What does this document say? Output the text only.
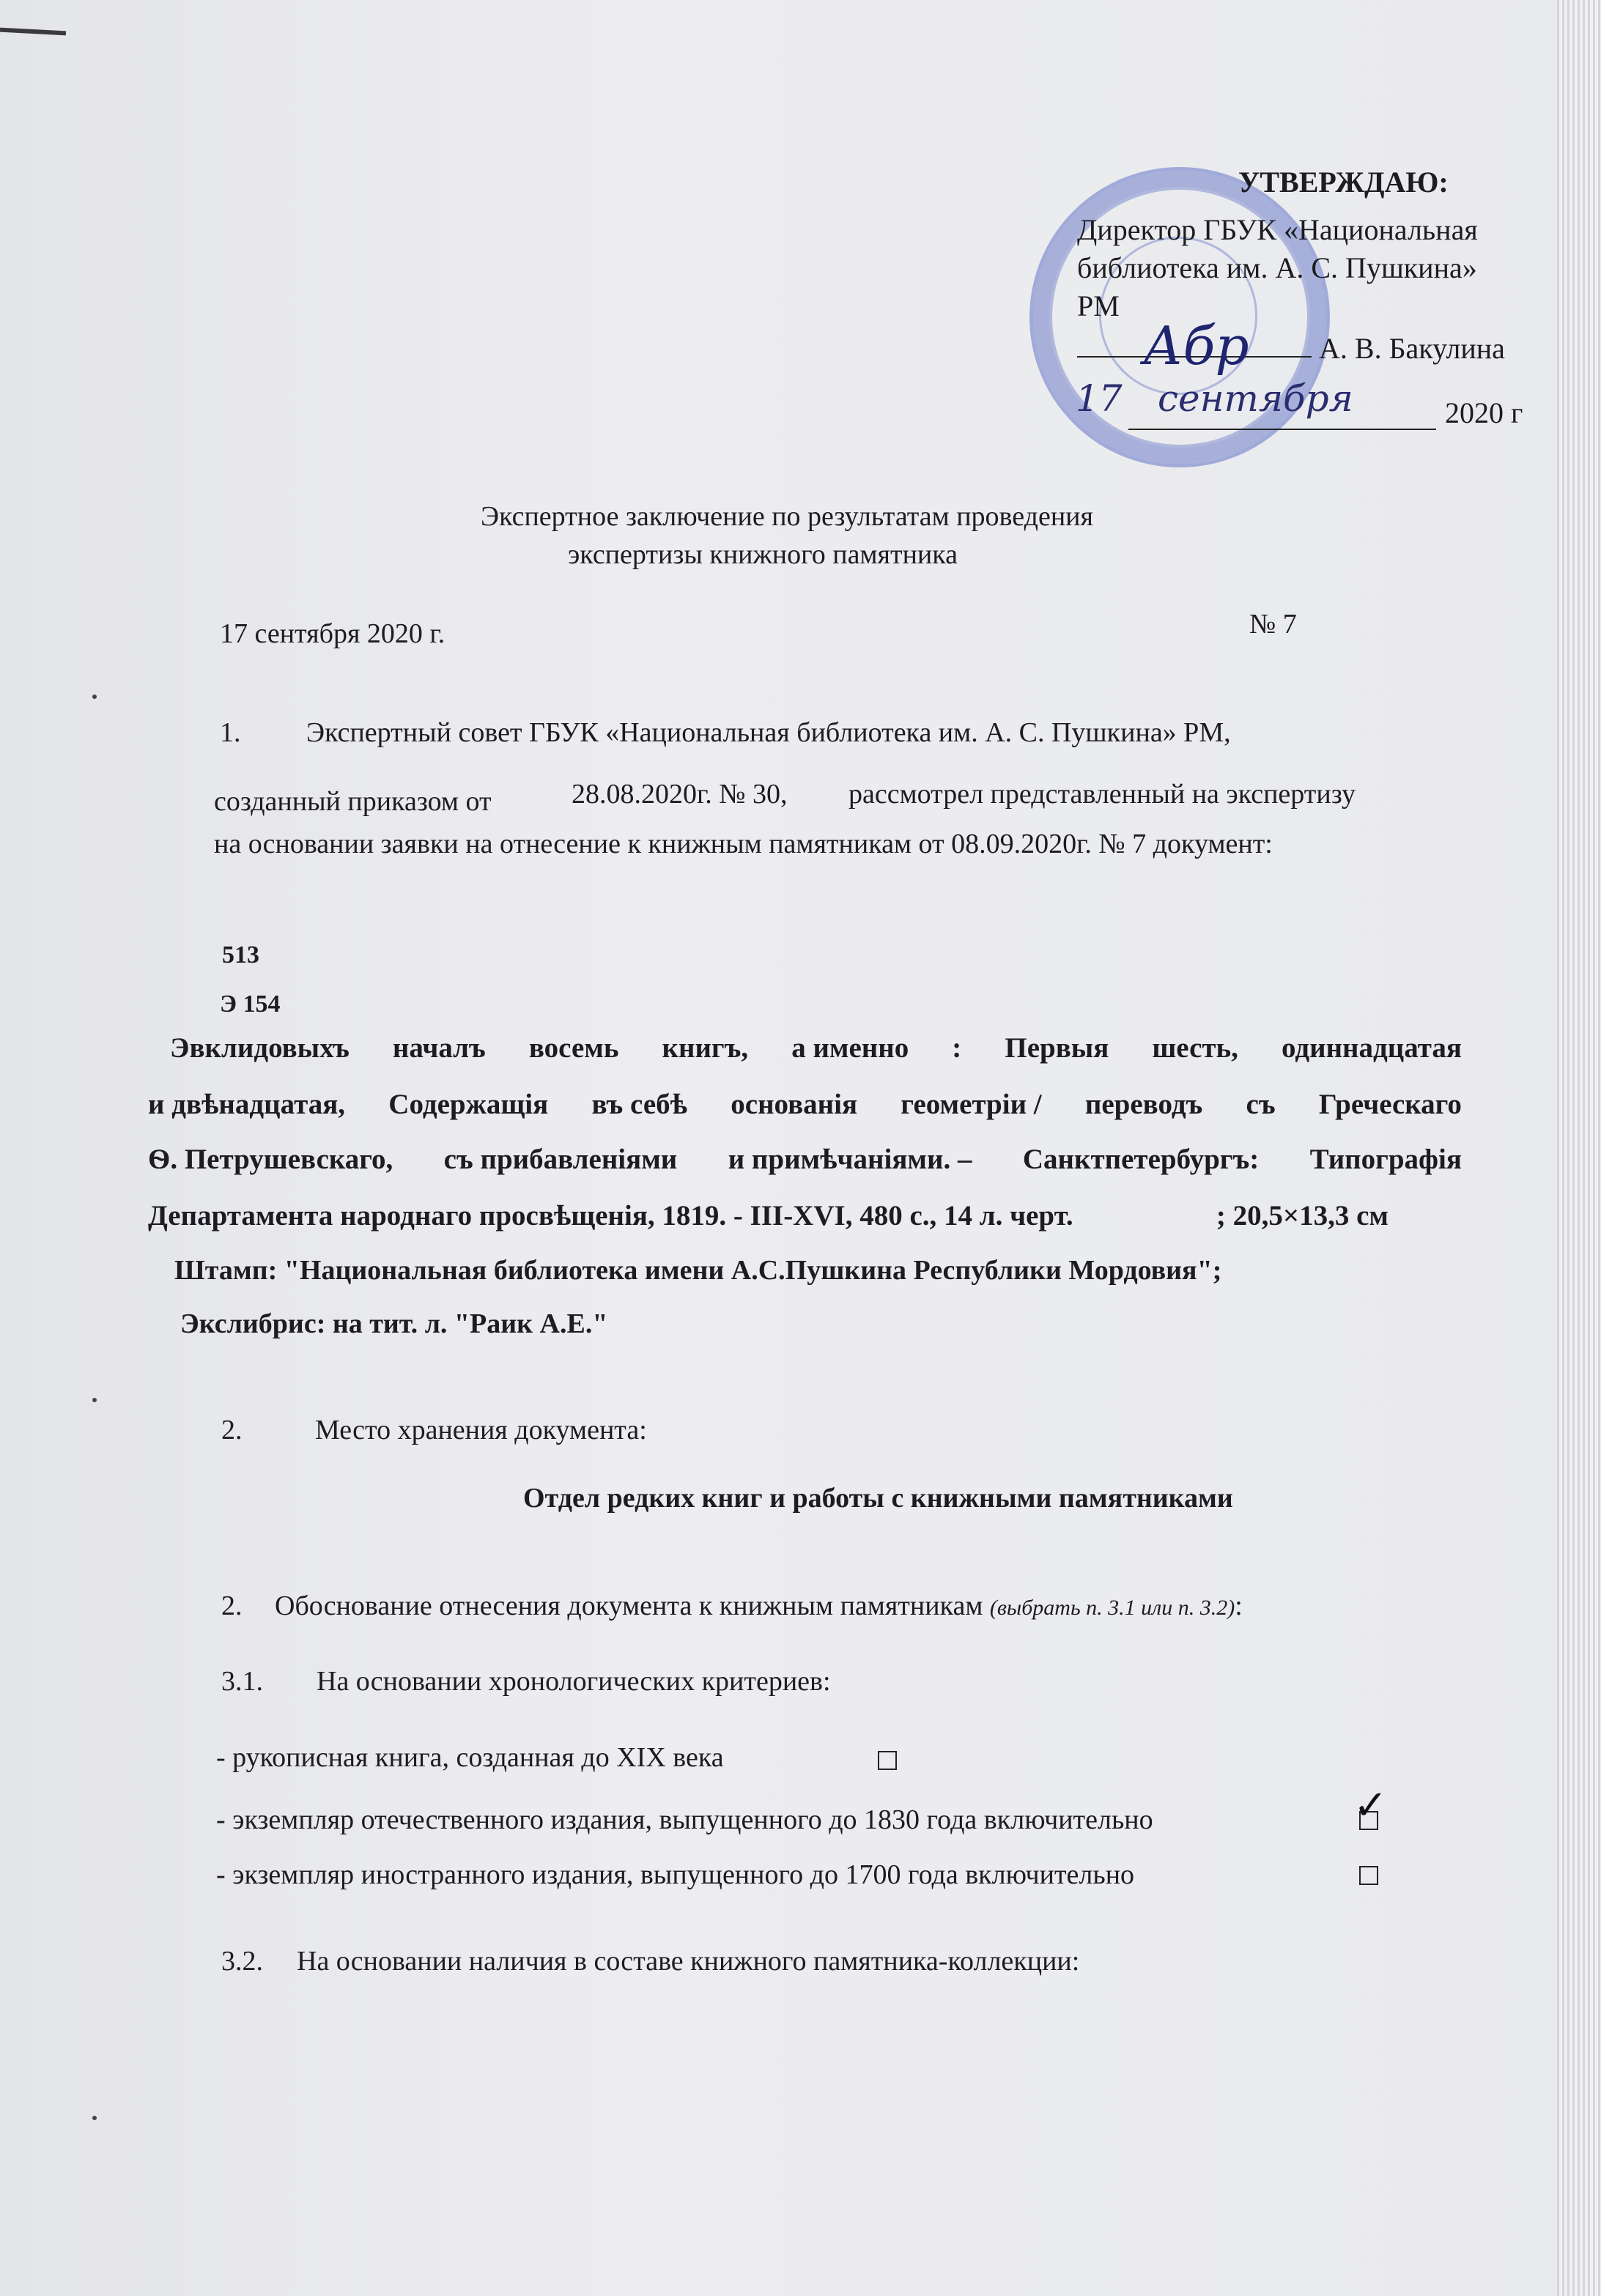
УТВЕРЖДАЮ:
Директор ГБУК «Национальная
библиотека им. А. С. Пушкина»
РМ
Абр А. В. Бакулина
17 сентября	2020 г
Экспертное заключение по результатам проведения
экспертизы книжного памятника
17 сентября 2020 г.	№ 7
1. Экспертный совет ГБУК «Национальная библиотека им. А. С. Пушкина» РМ,
созданный приказом от	28.08.2020г. № 30, рассмотрел представленный на экспертизу
на основании заявки на отнесение к книжным памятникам от 08.09.2020г. № 7 документ:
513
Э 154
Эвклидовыхъ началъ восемь книгъ, а именно : Первыя шесть, одиннадцатая
и двѣнадцатая, Содержащія въ себѣ основанія геометріи / переводъ съ Греческаго
Ѳ. Петрушевскаго, съ прибавленіями и примѣчаніями. – Санктпетербургъ: Типографія
Департамента народнаго просвѣщенія, 1819. - III-XVI, 480 с., 14 л. черт.	; 20,5×13,3 см
Штамп: "Национальная библиотека имени А.С.Пушкина Республики Мордовия";
Экслибрис: на тит. л. "Раик А.Е."
2.	Место хранения документа:
Отдел редких книг и работы с книжными памятниками
2. Обоснование отнесения документа к книжным памятникам (выбрать п. 3.1 или п. 3.2):
3.1. На основании хронологических критериев:
- рукописная книга, созданная до XIX века
- экземпляр отечественного издания, выпущенного до 1830 года включительно	✓
- экземпляр иностранного издания, выпущенного до 1700 года включительно
3.2. На основании наличия в составе книжного памятника-коллекции:
